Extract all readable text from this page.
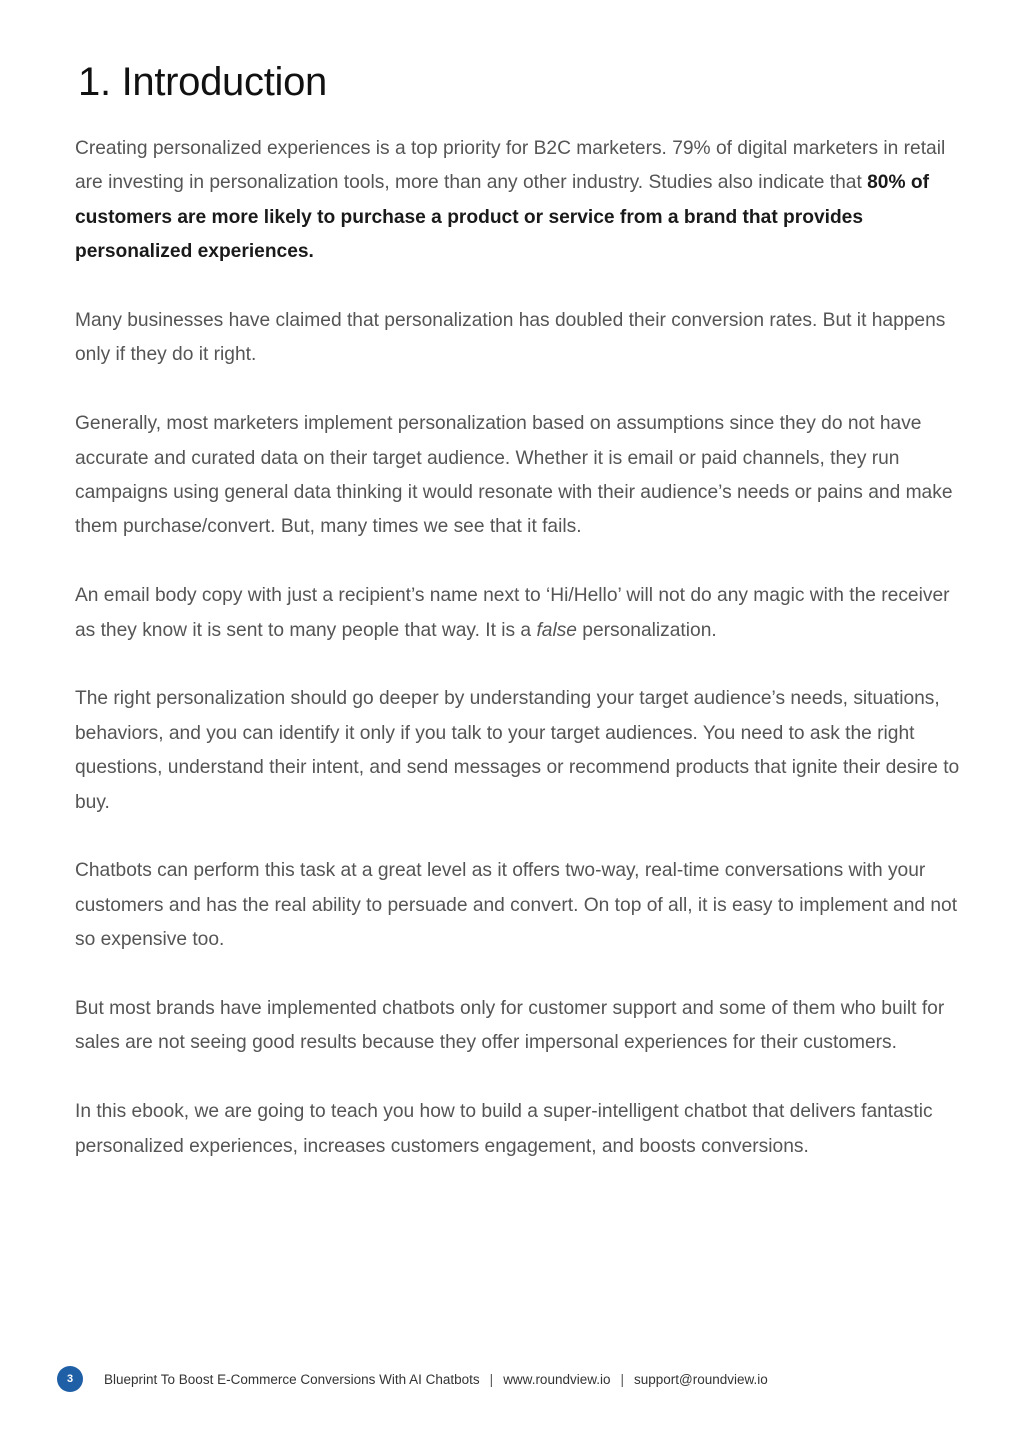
1. Introduction

Creating personalized experiences is a top priority for B2C marketers. 79% of digital marketers in retail are investing in personalization tools, more than any other industry. Studies also indicate that 80% of customers are more likely to purchase a product or service from a brand that provides personalized experiences.

Many businesses have claimed that personalization has doubled their conversion rates. But it happens only if they do it right.

Generally, most marketers implement personalization based on assumptions since they do not have accurate and curated data on their target audience. Whether it is email or paid channels, they run campaigns using general data thinking it would resonate with their audience’s needs or pains and make them purchase/convert. But, many times we see that it fails.

An email body copy with just a recipient’s name next to ‘Hi/Hello’ will not do any magic with the receiver as they know it is sent to many people that way. It is a false personalization.

The right personalization should go deeper by understanding your target audience’s needs, situations, behaviors, and you can identify it only if you talk to your target audiences. You need to ask the right questions, understand their intent, and send messages or recommend products that ignite their desire to buy.

Chatbots can perform this task at a great level as it offers two-way, real-time conversations with your customers and has the real ability to persuade and convert. On top of all, it is easy to implement and not so expensive too.

But most brands have implemented chatbots only for customer support and some of them who built for sales are not seeing good results because they offer impersonal experiences for their customers.

In this ebook, we are going to teach you how to build a super-intelligent chatbot that delivers fantastic personalized experiences, increases customers engagement, and boosts conversions.

3	Blueprint To Boost E-Commerce Conversions With AI Chatbots | www.roundview.io | support@roundview.io
